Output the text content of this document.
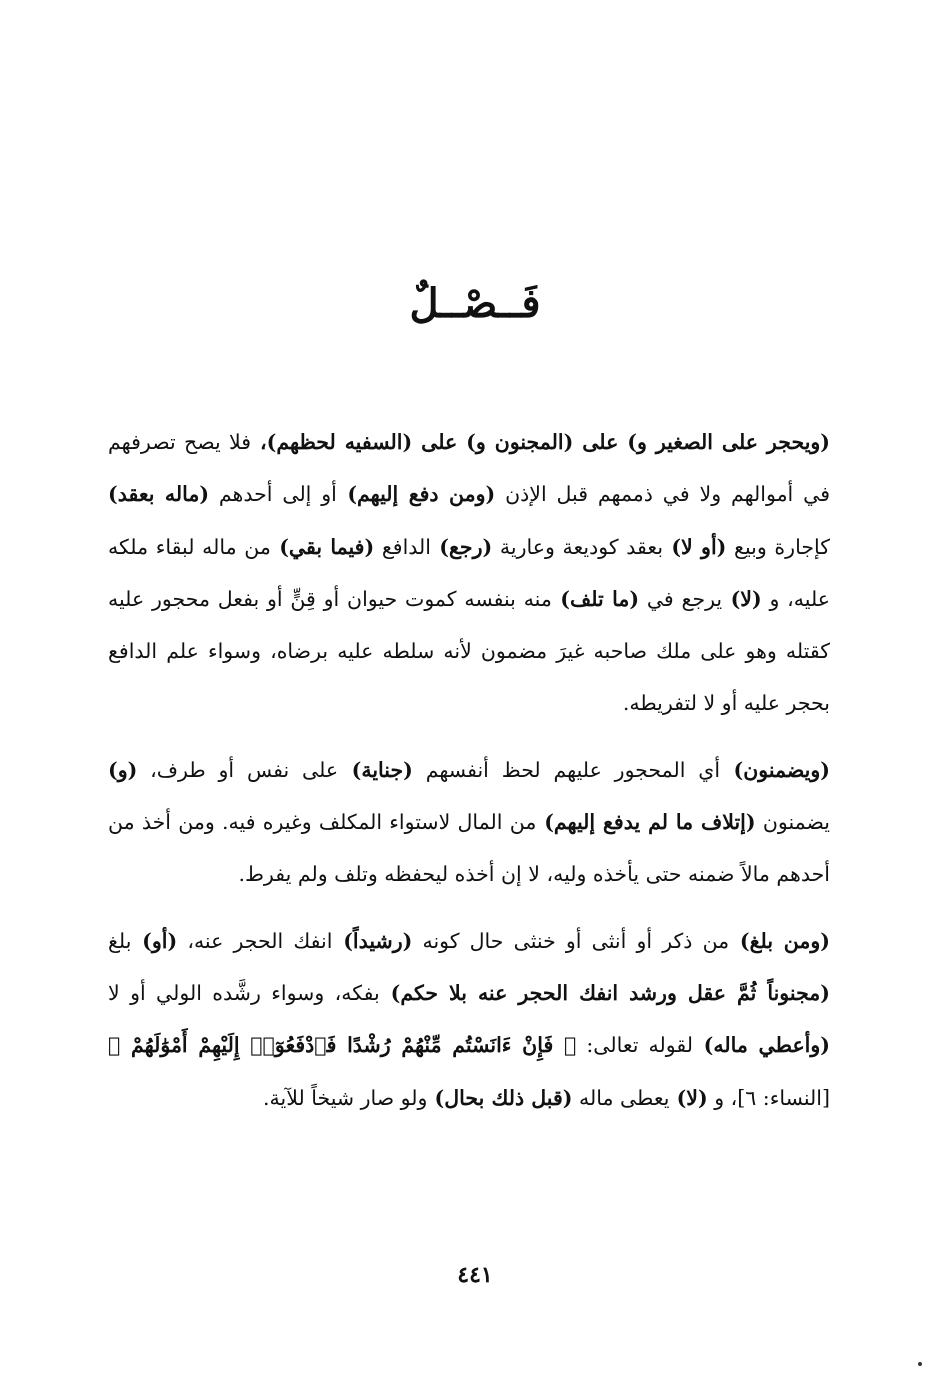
فَــصْــلٌ

(ويحجر على الصغير و) على (المجنون و) على (السفيه لحظهم)، فلا يصح تصرفهم في أموالهم ولا في ذممهم قبل الإذن (ومن دفع إليهم) أو إلى أحدهم (ماله بعقد) كإجارة وبيع (أو لا) بعقد كوديعة وعارية (رجع) الدافع (فيما بقي) من ماله لبقاء ملكه عليه، و (لا) يرجع في (ما تلف) منه بنفسه كموت حيوان أو قِنٍّ أو بفعل محجور عليه كقتله وهو على ملك صاحبه غيرَ مضمون لأنه سلطه عليه برضاه، وسواء علم الدافع بحجر عليه أو لا لتفريطه.

(ويضمنون) أي المحجور عليهم لحظ أنفسهم (جناية) على نفس أو طرف، (و) يضمنون (إتلاف ما لم يدفع إليهم) من المال لاستواء المكلف وغيره فيه. ومن أخذ من أحدهم مالاً ضمنه حتى يأخذه وليه، لا إن أخذه ليحفظه وتلف ولم يفرط.

(ومن بلغ) من ذكر أو أنثى أو خنثى حال كونه (رشيداً) انفك الحجر عنه، (أو) بلغ (مجنوناً ثُمَّ عقل ورشد انفك الحجر عنه بلا حكم) بفكه، وسواء رشَّده الولي أو لا (وأعطي ماله) لقوله تعالى: ﴿ فَإِنْ ءَانَسْتُم مِّنْهُمْ رُشْدًا فَٱدْفَعُوٓا۟ إِلَيْهِمْ أَمْوَٰلَهُمْ ﴾ [النساء: ٦]، و (لا) يعطى ماله (قبل ذلك بحال) ولو صار شيخاً للآية.

٤٤١
